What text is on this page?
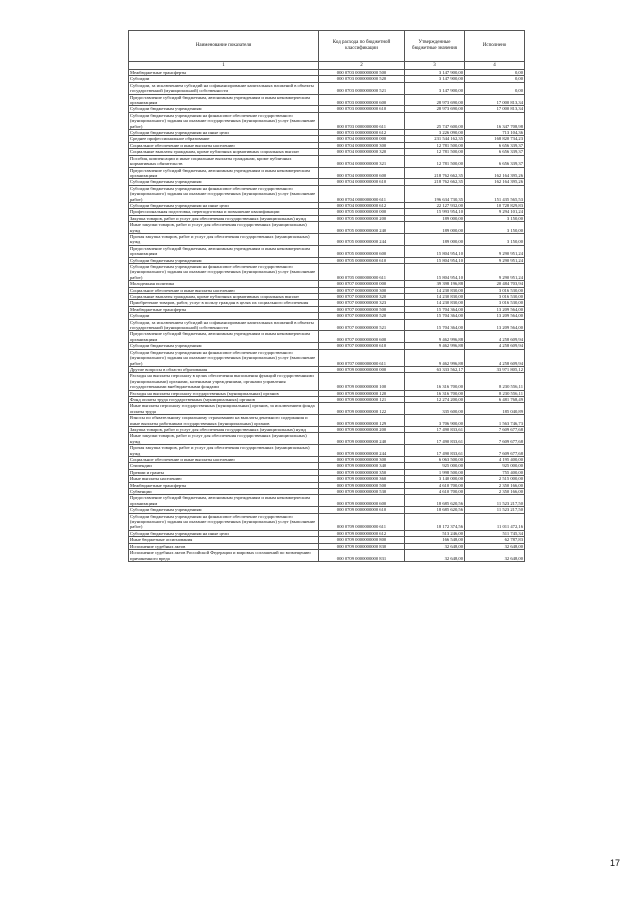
Наименование показателя	Код расхода по бюджетной классификации	Утвержденные бюджетные значения	Исполнено
1	2	3	4
Межбюджетные трансферты	000 0703 0000000000 500	3 147 900,00	0,00
Субсидии	000 0703 0000000000 520	3 147 900,00	0,00
Субсидии, за исключением субсидий на софинансирование капитальных вложений в объекты государственной (муниципальной) собственности	000 0703 0000000000 521	3 147 900,00	0,00
Предоставление субсидий бюджетным, автономным учреждениям и иным некоммерческим организациям	000 0703 0000000000 600	28 973 690,00	17 000 813,34
Субсидии бюджетным учреждениям	000 0703 0000000000 610	28 973 690,00	17 000 813,34
Субсидии бюджетным учреждениям на финансовое обеспечение государственного (муниципального) задания на оказание государственных (муниципальных) услуг (выполнение работ)	000 0703 0000000000 611	25 747 600,00	16 347 708,98
Субсидии бюджетным учреждениям на иные цели	000 0703 0000000000 612	3 226 090,00	713 104,36
Среднее профессиональное образование	000 0704 0000000000 000	231 544 162,35	168 820 734,23
Социальное обеспечение и иные выплаты населению	000 0704 0000000000 300	12 781 500,00	6 656 339,37
Социальные выплаты гражданам, кроме публичных нормативных социальных выплат	000 0704 0000000000 320	12 781 500,00	6 656 339,37
Пособия, компенсации и иные социальные выплаты гражданам, кроме публичных нормативных обязательств	000 0704 0000000000 321	12 781 500,00	6 656 339,37
Предоставление субсидий бюджетным, автономным учреждениям и иным некоммерческим организациям	000 0704 0000000000 600	218 762 662,35	162 164 395,26
Субсидии бюджетным учреждениям	000 0704 0000000000 610	218 762 662,35	162 164 395,26
Субсидии бюджетным учреждениям на финансовое обеспечение государственного (муниципального) задания на оказание государственных (муниципальных) услуг (выполнение работ)	000 0704 0000000000 611	196 634 730,35	151 435 565,53
Субсидии бюджетным учреждениям на иные цели	000 0704 0000000000 612	22 127 932,00	10 728 829,83
Профессиональная подготовка, переподготовка и повышение квалификации	000 0705 0000000000 000	15 993 954,10	9 294 101,24
Закупка товаров, работ и услуг для обеспечения государственных (муниципальных) нужд	000 0705 0000000000 200	189 000,00	3 150,00
Иные закупки товаров, работ и услуг для обеспечения государственных (муниципальных) нужд	000 0705 0000000000 240	189 000,00	3 150,00
Прочая закупка товаров, работ и услуг для обеспечения государственных (муниципальных) нужд	000 0705 0000000000 244	189 000,00	3 150,00
Предоставление субсидий бюджетным, автономным учреждениям и иным некоммерческим организациям	000 0705 0000000000 600	15 804 954,10	9 290 951,24
Субсидии бюджетным учреждениям	000 0705 0000000000 610	15 804 954,10	9 290 951,24
Субсидии бюджетным учреждениям на финансовое обеспечение государственного (муниципального) задания на оказание государственных (муниципальных) услуг (выполнение работ)	000 0705 0000000000 611	15 804 954,10	9 290 951,24
Молодежная политика	000 0707 0000000000 000	39 398 196,88	20 484 703,94
Социальное обеспечение и иные выплаты населению	000 0707 0000000000 300	14 230 830,00	3 016 530,00
Социальные выплаты гражданам, кроме публичных нормативных социальных выплат	000 0707 0000000000 320	14 230 830,00	3 016 530,00
Приобретение товаров, работ, услуг в пользу граждан в целях их социального обеспечения	000 0707 0000000000 323	14 230 830,00	3 016 530,00
Межбюджетные трансферты	000 0707 0000000000 500	15 704 364,00	13 209 564,00
Субсидии	000 0707 0000000000 520	15 704 364,00	13 209 564,00
Субсидии, за исключением субсидий на софинансирование капитальных вложений в объекты государственной (муниципальной) собственности	000 0707 0000000000 521	15 704 364,00	13 209 564,00
Предоставление субсидий бюджетным, автономным учреждениям и иным некоммерческим организациям	000 0707 0000000000 600	9 462 996,88	4 258 609,94
Субсидии бюджетным учреждениям	000 0707 0000000000 610	9 462 996,88	4 258 609,94
Субсидии бюджетным учреждениям на финансовое обеспечение государственного (муниципального) задания на оказание государственных (муниципальных) услуг (выполнение работ)	000 0707 0000000000 611	9 462 996,88	4 258 609,94
Другие вопросы в области образования	000 0709 0000000000 000	63 333 562,17	33 971 805,12
Расходы на выплаты персоналу в целях обеспечения выполнения функций государственными (муниципальными) органами, казенными учреждениями, органами управления государственными внебюджетными фондами	000 0709 0000000000 100	16 316 700,00	8 230 556,11
Расходы на выплаты персоналу государственных (муниципальных) органов	000 0709 0000000000 120	16 316 700,00	8 230 556,11
Фонд оплаты труда государственных (муниципальных) органов	000 0709 0000000000 121	12 274 200,00	6 481 768,49
Иные выплаты персоналу государственных (муниципальных) органов, за исключением фонда оплаты труда	000 0709 0000000000 122	335 600,00	185 040,89
Взносы по обязательному социальному страхованию на выплаты денежного содержания и иные выплаты работникам государственных (муниципальных) органов	000 0709 0000000000 129	3 706 900,00	1 563 746,73
Закупка товаров, работ и услуг для обеспечения государственных (муниципальных) нужд	000 0709 0000000000 200	17 490 833,61	7 609 677,68
Иные закупки товаров, работ и услуг для обеспечения государственных (муниципальных) нужд	000 0709 0000000000 240	17 490 833,61	7 609 677,68
Прочая закупка товаров, работ и услуг для обеспечения государственных (муниципальных) нужд	000 0709 0000000000 244	17 490 833,61	7 609 677,68
Социальное обеспечение и иные выплаты населению	000 0709 0000000000 300	6 063 500,00	4 195 400,00
Стипендии	000 0709 0000000000 340	925 000,00	925 000,00
Премии и гранты	000 0709 0000000000 350	1 998 500,00	755 400,00
Иные выплаты населению	000 0709 0000000000 360	3 140 000,00	2 515 000,00
Межбюджетные трансферты	000 0709 0000000000 500	4 610 700,00	2 350 166,00
Субвенции	000 0709 0000000000 530	4 610 700,00	2 350 166,00
Предоставление субсидий бюджетным, автономным учреждениям и иным некоммерческим организациям	000 0709 0000000000 600	18 685 620,56	11 523 217,50
Субсидии бюджетным учреждениям	000 0709 0000000000 610	18 685 620,56	11 523 217,50
Субсидии бюджетным учреждениям на финансовое обеспечение государственного (муниципального) задания на оказание государственных (муниципальных) услуг (выполнение работ)	000 0709 0000000000 611	18 172 374,56	11 011 472,16
Субсидии бюджетным учреждениям на иные цели	000 0709 0000000000 612	513 246,00	511 745,34
Иные бюджетные ассигнования	000 0709 0000000000 800	166 548,00	62 787,83
Исполнение судебных актов	000 0709 0000000000 830	32 648,00	32 648,00
Исполнение судебных актов Российской Федерации и мировых соглашений по возмещению причиненного вреда	000 0709 0000000000 831	32 648,00	32 648,00
17
